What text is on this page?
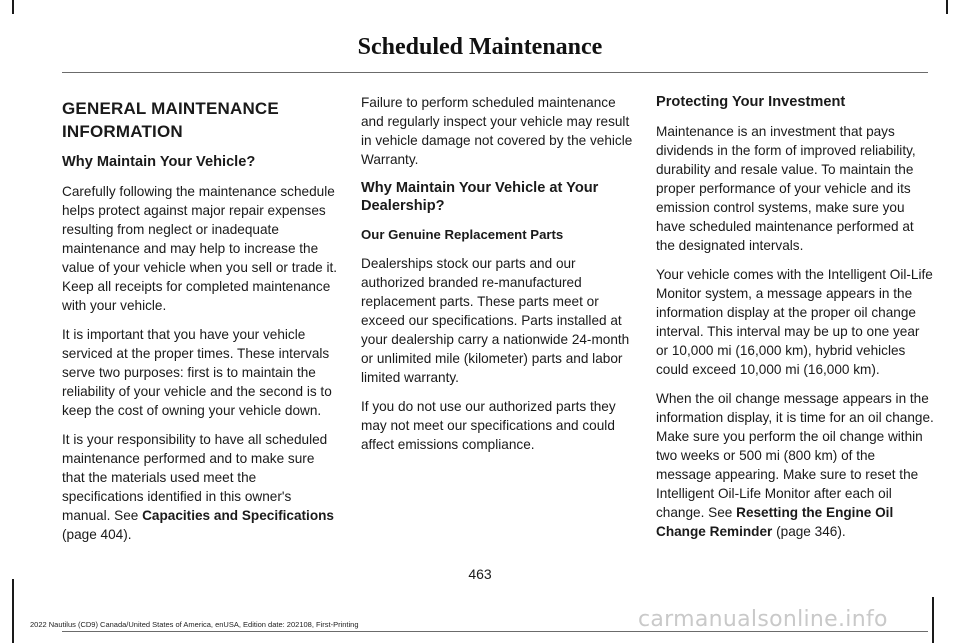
Scheduled Maintenance
GENERAL MAINTENANCE
INFORMATION
Why Maintain Your Vehicle?

Carefully following the maintenance schedule helps protect against major repair expenses resulting from neglect or inadequate maintenance and may help to increase the value of your vehicle when you sell or trade it. Keep all receipts for completed maintenance with your vehicle.

It is important that you have your vehicle serviced at the proper times. These intervals serve two purposes: first is to maintain the reliability of your vehicle and the second is to keep the cost of owning your vehicle down.

It is your responsibility to have all scheduled maintenance performed and to make sure that the materials used meet the specifications identified in this owner's manual. See Capacities and Specifications (page 404).

Failure to perform scheduled maintenance and regularly inspect your vehicle may result in vehicle damage not covered by the vehicle Warranty.

Why Maintain Your Vehicle at Your Dealership?
Our Genuine Replacement Parts

Dealerships stock our parts and our authorized branded re-manufactured replacement parts. These parts meet or exceed our specifications. Parts installed at your dealership carry a nationwide 24-month or unlimited mile (kilometer) parts and labor limited warranty.

If you do not use our authorized parts they may not meet our specifications and could affect emissions compliance.

Protecting Your Investment

Maintenance is an investment that pays dividends in the form of improved reliability, durability and resale value. To maintain the proper performance of your vehicle and its emission control systems, make sure you have scheduled maintenance performed at the designated intervals.

Your vehicle comes with the Intelligent Oil-Life Monitor system, a message appears in the information display at the proper oil change interval. This interval may be up to one year or 10,000 mi (16,000 km), hybrid vehicles could exceed 10,000 mi (16,000 km).

When the oil change message appears in the information display, it is time for an oil change. Make sure you perform the oil change within two weeks or 500 mi (800 km) of the message appearing. Make sure to reset the Intelligent Oil-Life Monitor after each oil change. See Resetting the Engine Oil Change Reminder (page 346).

463
2022 Nautilus (CD9) Canada/United States of America, enUSA, Edition date: 202108, First-Printing	carmanualsonline.info
